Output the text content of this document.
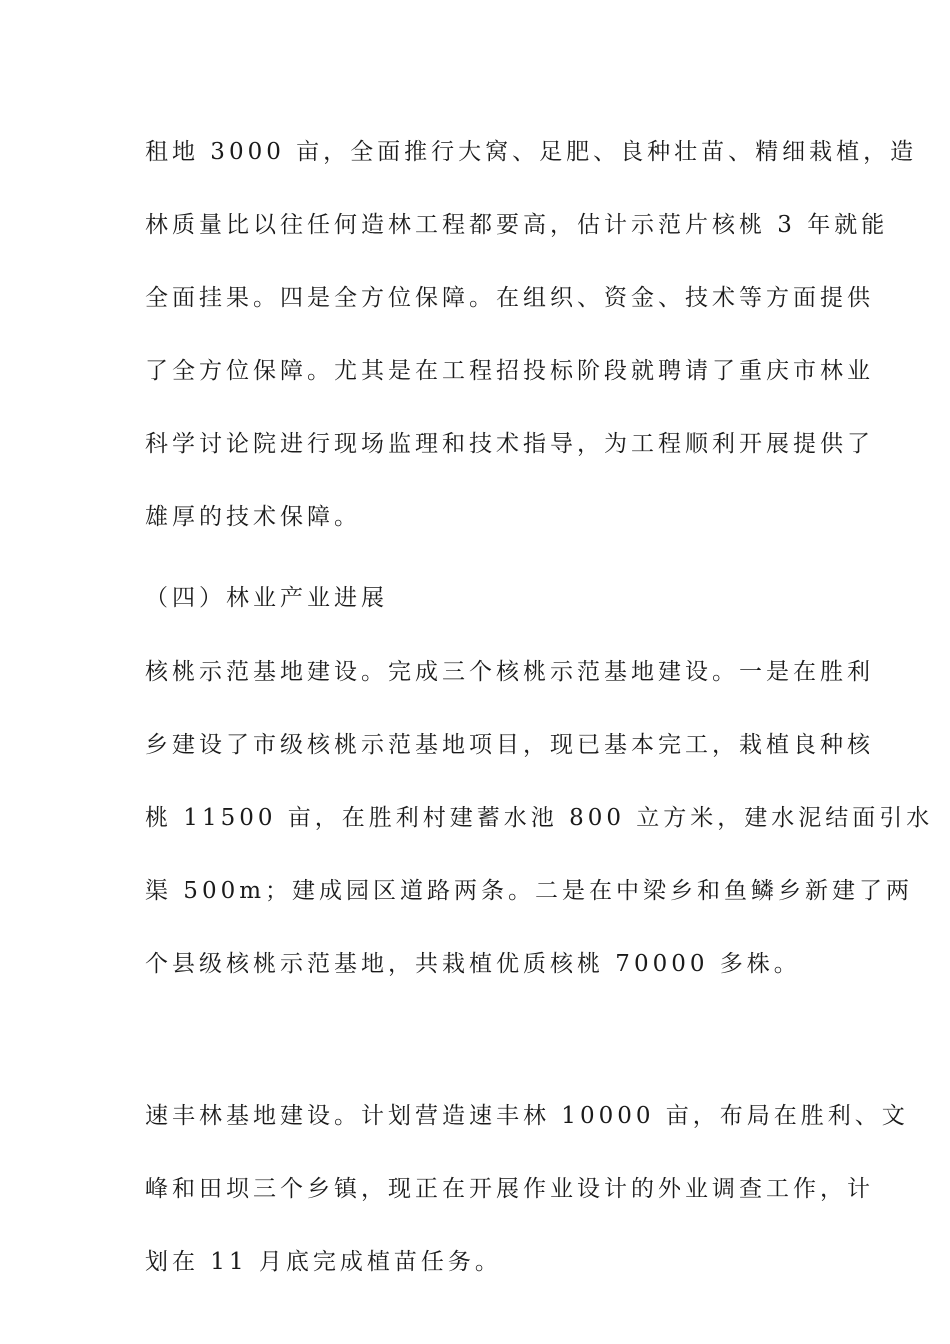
租地 3000 亩，全面推行大窝、足肥、良种壮苗、精细栽植，造
林质量比以往任何造林工程都要高，估计示范片核桃 3 年就能
全面挂果。四是全方位保障。在组织、资金、技术等方面提供
了全方位保障。尤其是在工程招投标阶段就聘请了重庆市林业
科学讨论院进行现场监理和技术指导，为工程顺利开展提供了
雄厚的技术保障。
（四）林业产业进展
核桃示范基地建设。完成三个核桃示范基地建设。一是在胜利
乡建设了市级核桃示范基地项目，现已基本完工，栽植良种核
桃 11500 亩，在胜利村建蓄水池 800 立方米，建水泥结面引水
渠 500m；建成园区道路两条。二是在中梁乡和鱼鳞乡新建了两
个县级核桃示范基地，共栽植优质核桃 70000 多株。
速丰林基地建设。计划营造速丰林 10000 亩，布局在胜利、文
峰和田坝三个乡镇，现正在开展作业设计的外业调查工作，计
划在 11 月底完成植苗任务。
